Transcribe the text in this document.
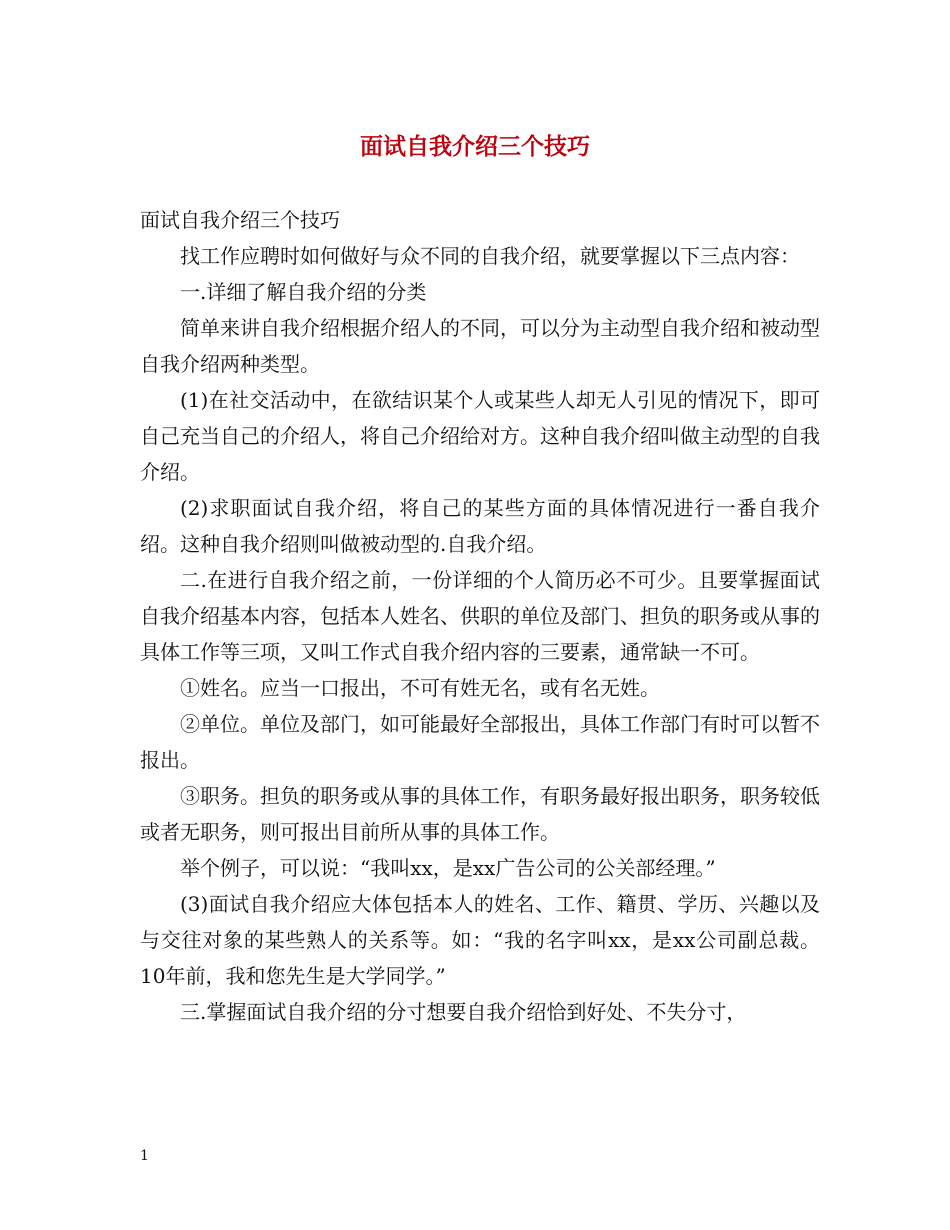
面试自我介绍三个技巧

面试自我介绍三个技巧

找工作应聘时如何做好与众不同的自我介绍，就要掌握以下三点内容：

一.详细了解自我介绍的分类

简单来讲自我介绍根据介绍人的不同，可以分为主动型自我介绍和被动型自我介绍两种类型。

(1)在社交活动中，在欲结识某个人或某些人却无人引见的情况下，即可自己充当自己的介绍人，将自己介绍给对方。这种自我介绍叫做主动型的自我介绍。

(2)求职面试自我介绍，将自己的某些方面的具体情况进行一番自我介绍。这种自我介绍则叫做被动型的.自我介绍。

二.在进行自我介绍之前，一份详细的个人简历必不可少。且要掌握面试自我介绍基本内容，包括本人姓名、供职的单位及部门、担负的职务或从事的具体工作等三项，又叫工作式自我介绍内容的三要素，通常缺一不可。

①姓名。应当一口报出，不可有姓无名，或有名无姓。

②单位。单位及部门，如可能最好全部报出，具体工作部门有时可以暂不报出。

③职务。担负的职务或从事的具体工作，有职务最好报出职务，职务较低或者无职务，则可报出目前所从事的具体工作。

举个例子，可以说：“我叫xx，是xx广告公司的公关部经理。”

(3)面试自我介绍应大体包括本人的姓名、工作、籍贯、学历、兴趣以及与交往对象的某些熟人的关系等。如：“我的名字叫xx，是xx公司副总裁。10年前，我和您先生是大学同学。”

三.掌握面试自我介绍的分寸想要自我介绍恰到好处、不失分寸，

1
